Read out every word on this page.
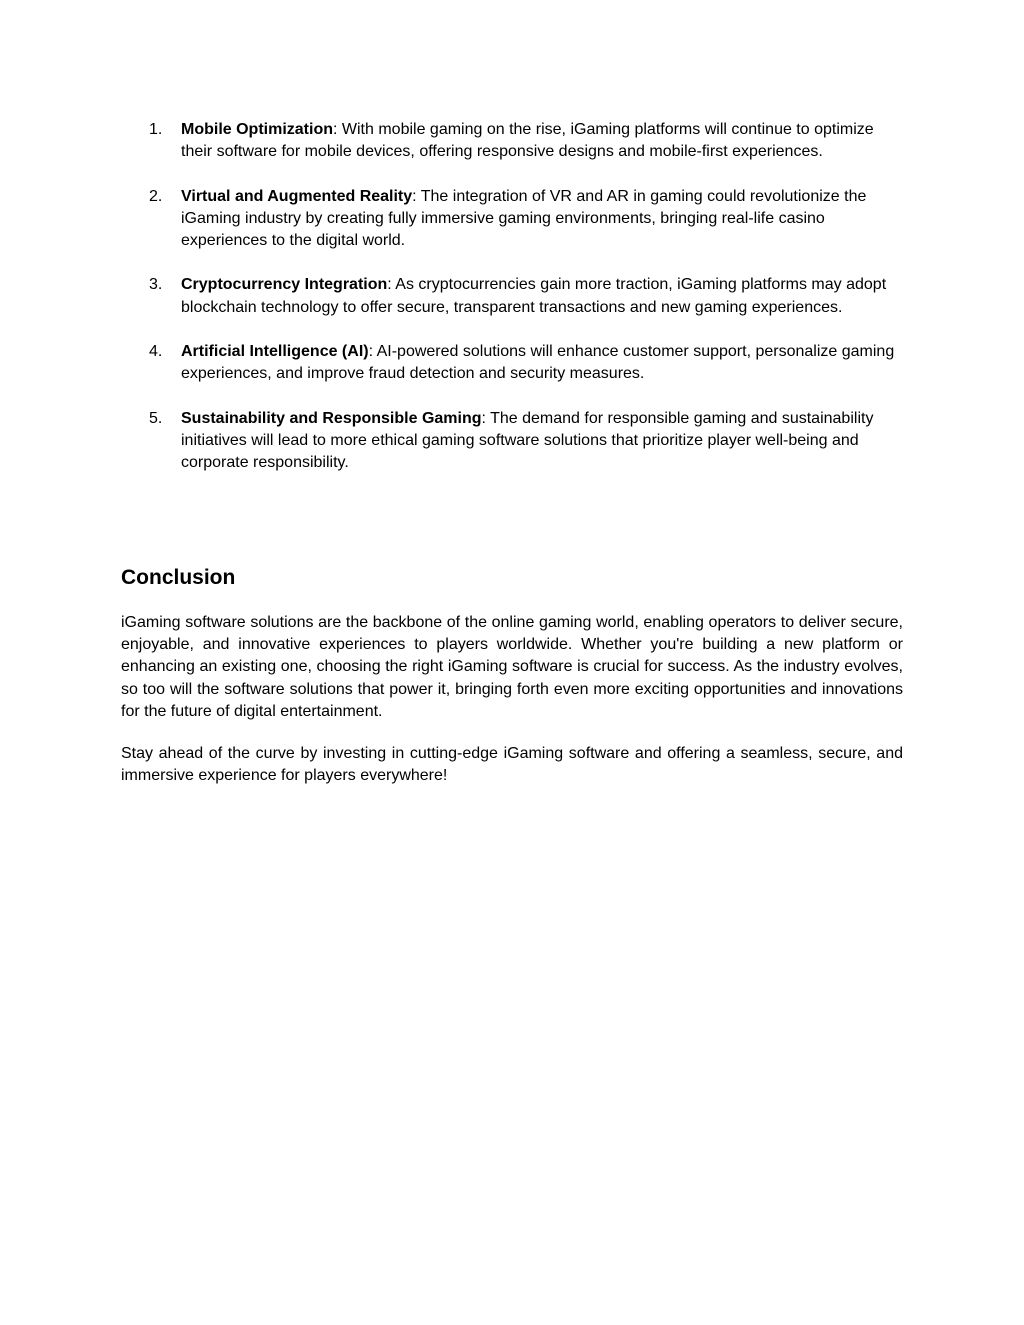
1. Mobile Optimization: With mobile gaming on the rise, iGaming platforms will continue to optimize their software for mobile devices, offering responsive designs and mobile-first experiences.
2. Virtual and Augmented Reality: The integration of VR and AR in gaming could revolutionize the iGaming industry by creating fully immersive gaming environments, bringing real-life casino experiences to the digital world.
3. Cryptocurrency Integration: As cryptocurrencies gain more traction, iGaming platforms may adopt blockchain technology to offer secure, transparent transactions and new gaming experiences.
4. Artificial Intelligence (AI): AI-powered solutions will enhance customer support, personalize gaming experiences, and improve fraud detection and security measures.
5. Sustainability and Responsible Gaming: The demand for responsible gaming and sustainability initiatives will lead to more ethical gaming software solutions that prioritize player well-being and corporate responsibility.
Conclusion

iGaming software solutions are the backbone of the online gaming world, enabling operators to deliver secure, enjoyable, and innovative experiences to players worldwide. Whether you're building a new platform or enhancing an existing one, choosing the right iGaming software is crucial for success. As the industry evolves, so too will the software solutions that power it, bringing forth even more exciting opportunities and innovations for the future of digital entertainment.

Stay ahead of the curve by investing in cutting-edge iGaming software and offering a seamless, secure, and immersive experience for players everywhere!
